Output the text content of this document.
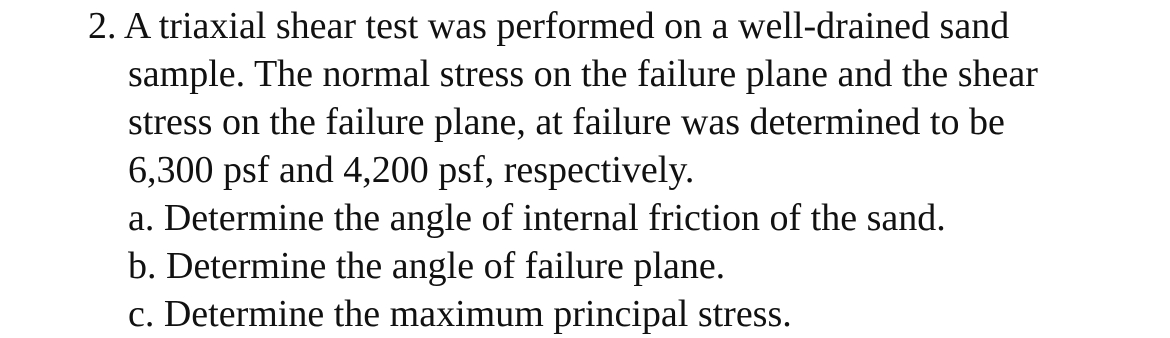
2. A triaxial shear test was performed on a well-drained sand
sample. The normal stress on the failure plane and the shear
stress on the failure plane, at failure was determined to be
6,300 psf and 4,200 psf, respectively.
a. Determine the angle of internal friction of the sand.
b. Determine the angle of failure plane.
c. Determine the maximum principal stress.
